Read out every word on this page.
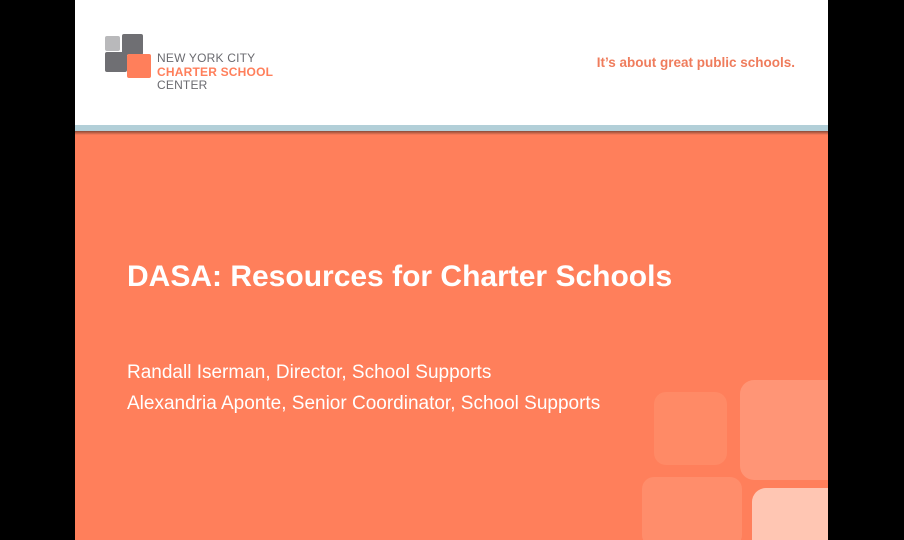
NEW YORK CITY
CHARTER SCHOOL
CENTER
It’s about great public schools.
DASA: Resources for Charter Schools
Randall Iserman, Director, School Supports
Alexandria Aponte, Senior Coordinator, School Supports
